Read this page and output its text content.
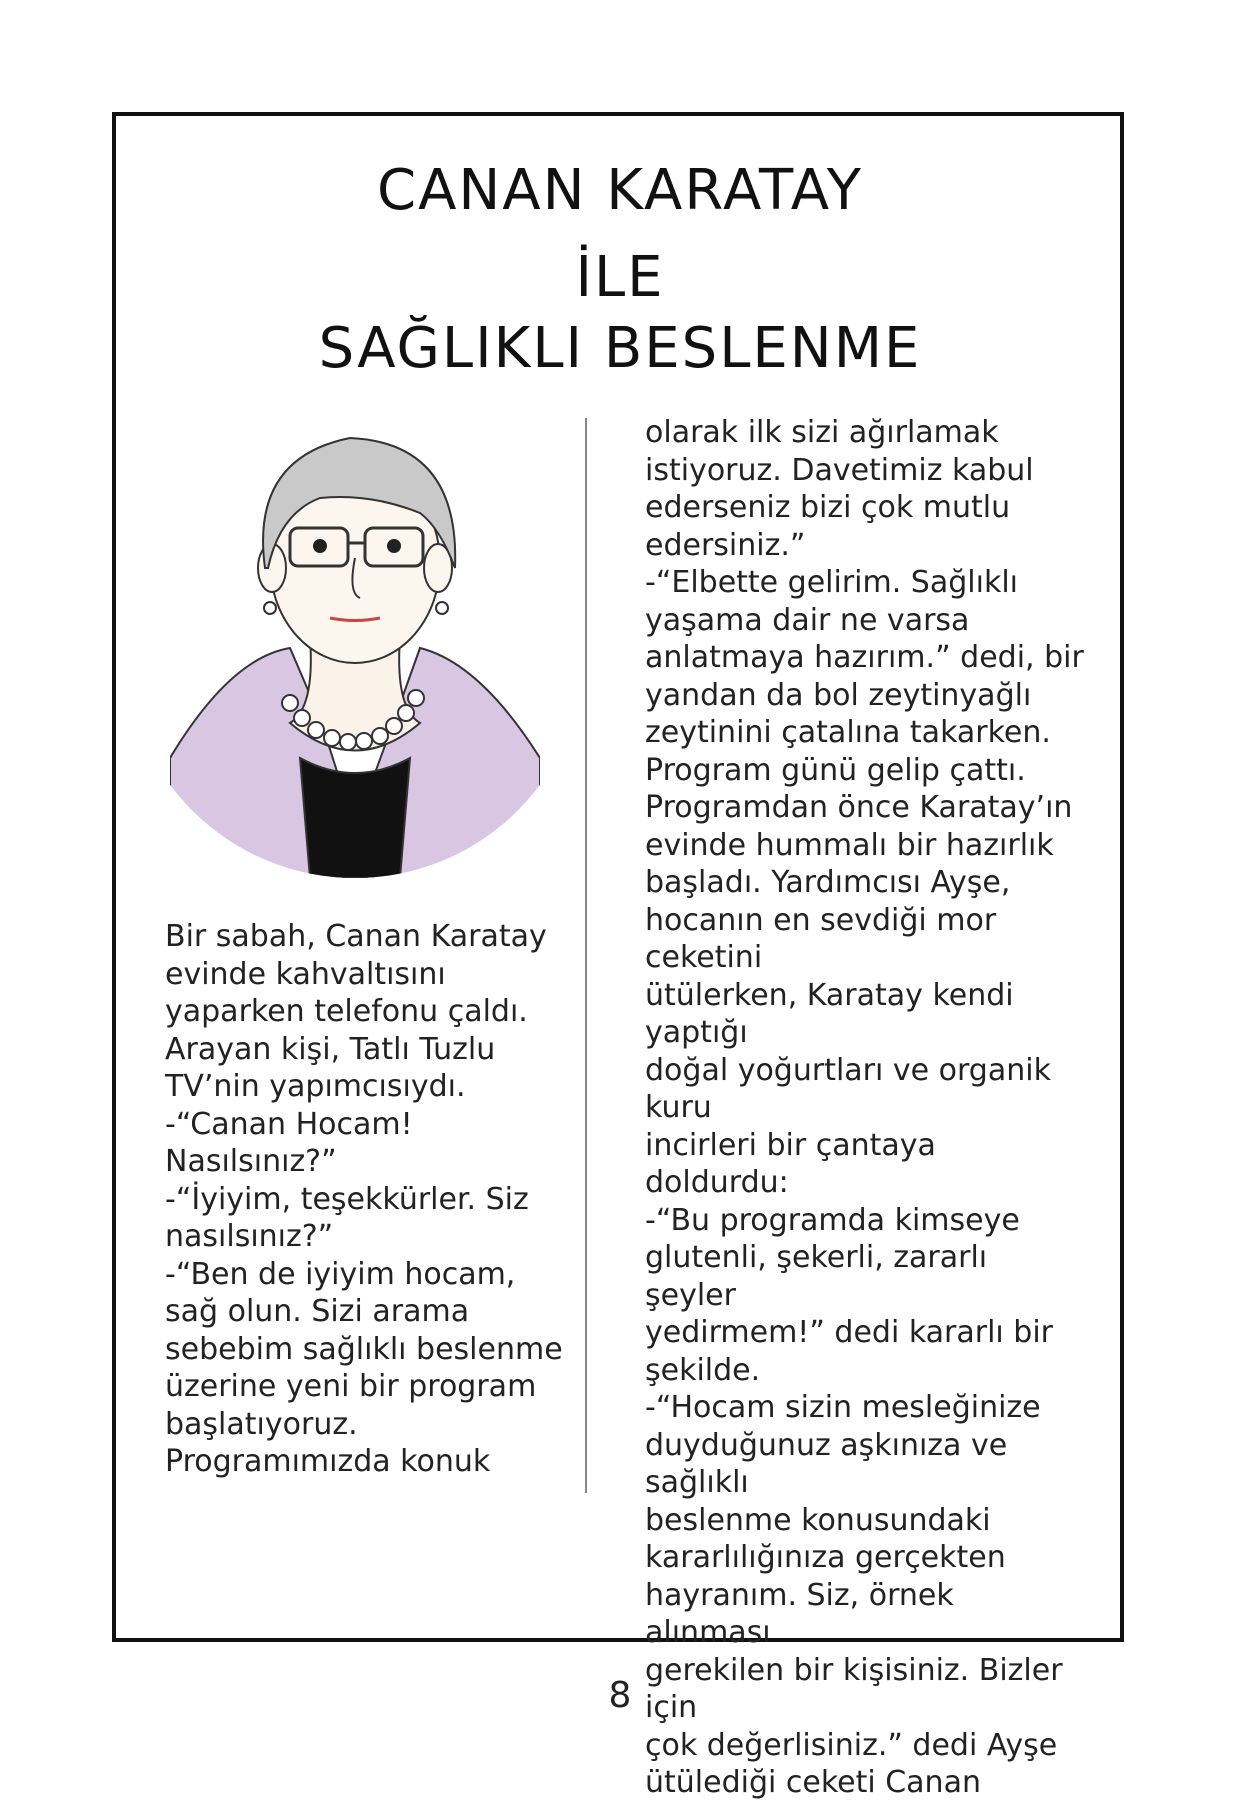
CANAN KARATAY
İLE
SAĞLIKLI BESLENME
Bir sabah, Canan Karatay
evinde kahvaltısını
yaparken telefonu çaldı.
Arayan kişi, Tatlı Tuzlu
TV’nin yapımcısıydı.
-“Canan Hocam!
Nasılsınız?”
-“İyiyim, teşekkürler. Siz
nasılsınız?”
-“Ben de iyiyim hocam,
sağ olun. Sizi arama
sebebim sağlıklı beslenme
üzerine yeni bir program
başlatıyoruz.
Programımızda konuk
olarak ilk sizi ağırlamak
istiyoruz. Davetimiz kabul
ederseniz bizi çok mutlu
edersiniz.”
-“Elbette gelirim. Sağlıklı
yaşama dair ne varsa
anlatmaya hazırım.” dedi, bir
yandan da bol zeytinyağlı
zeytinini çatalına takarken.
Program günü gelip çattı.
Programdan önce Karatay’ın
evinde hummalı bir hazırlık
başladı. Yardımcısı Ayşe,
hocanın en sevdiği mor ceketini
ütülerken, Karatay kendi yaptığı
doğal yoğurtları ve organik kuru
incirleri bir çantaya doldurdu:
-“Bu programda kimseye
glutenli, şekerli, zararlı şeyler
yedirmem!” dedi kararlı bir
şekilde.
-“Hocam sizin mesleğinize
duyduğunuz aşkınıza ve sağlıklı
beslenme konusundaki
kararlılığınıza gerçekten
hayranım. Siz, örnek alınması
gerekilen bir kişisiniz. Bizler için
çok değerlisiniz.” dedi Ayşe
ütülediği ceketi Canan
8
